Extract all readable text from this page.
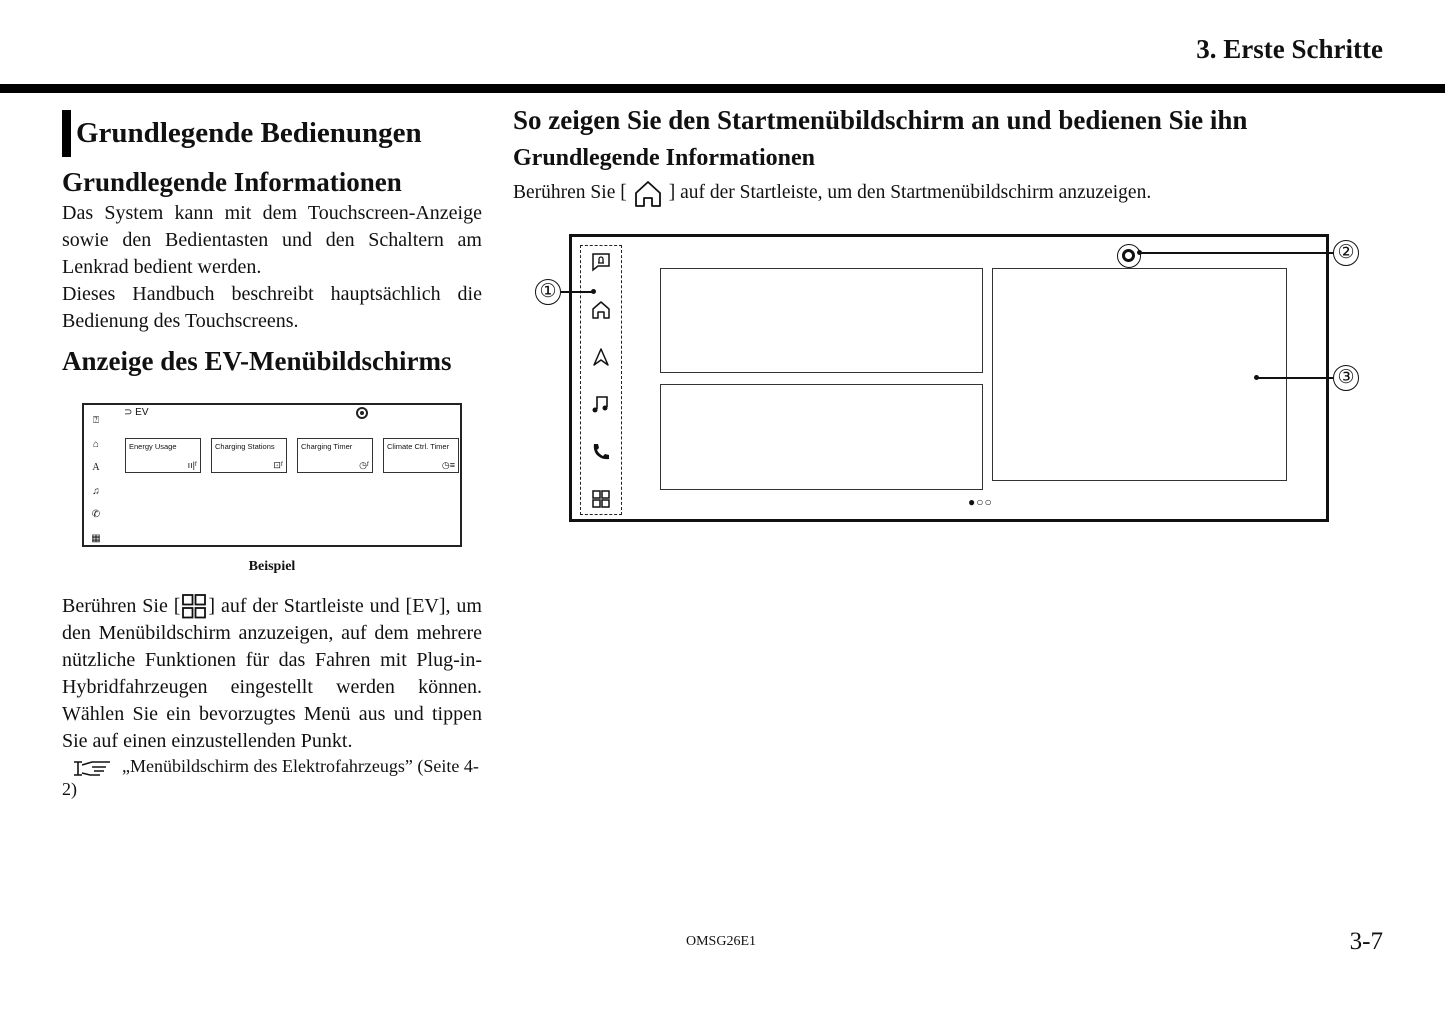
3. Erste Schritte
Grundlegende Bedienungen
Grundlegende Informationen

Das System kann mit dem Touchscreen-Anzeige sowie den Bedientasten und den Schaltern am Lenkrad bedient werden.

Dieses Handbuch beschreibt hauptsächlich die Bedienung des Touchscreens.

Anzeige des EV-Menübildschirms
⍰
⌂
A
♫
✆
▦
⊃ EV
Energy Usage
ıı|ᶠ
Charging Stations
⊡ᶠ
Charging Timer
◷ᶠ
Climate Ctrl. Timer
◷≡
Beispiel

Berühren Sie [ ] auf der Startleiste und [EV], um den Menübildschirm anzuzeigen, auf dem mehrere nützliche Funktionen für das Fahren mit Plug-in-Hybridfahrzeugen eingestellt werden können. Wählen Sie ein bevorzugtes Menü aus und tippen Sie auf einen einzustellenden Punkt.

„Menübildschirm des Elektrofahrzeugs” (Seite 4-2)

So zeigen Sie den Startmenübildschirm an und bedienen Sie ihn
Grundlegende Informationen

Berühren Sie [ ] auf der Startleiste, um den Startmenübildschirm anzuzeigen.

●○○
①
②
③
OMSG26E1	3-7
